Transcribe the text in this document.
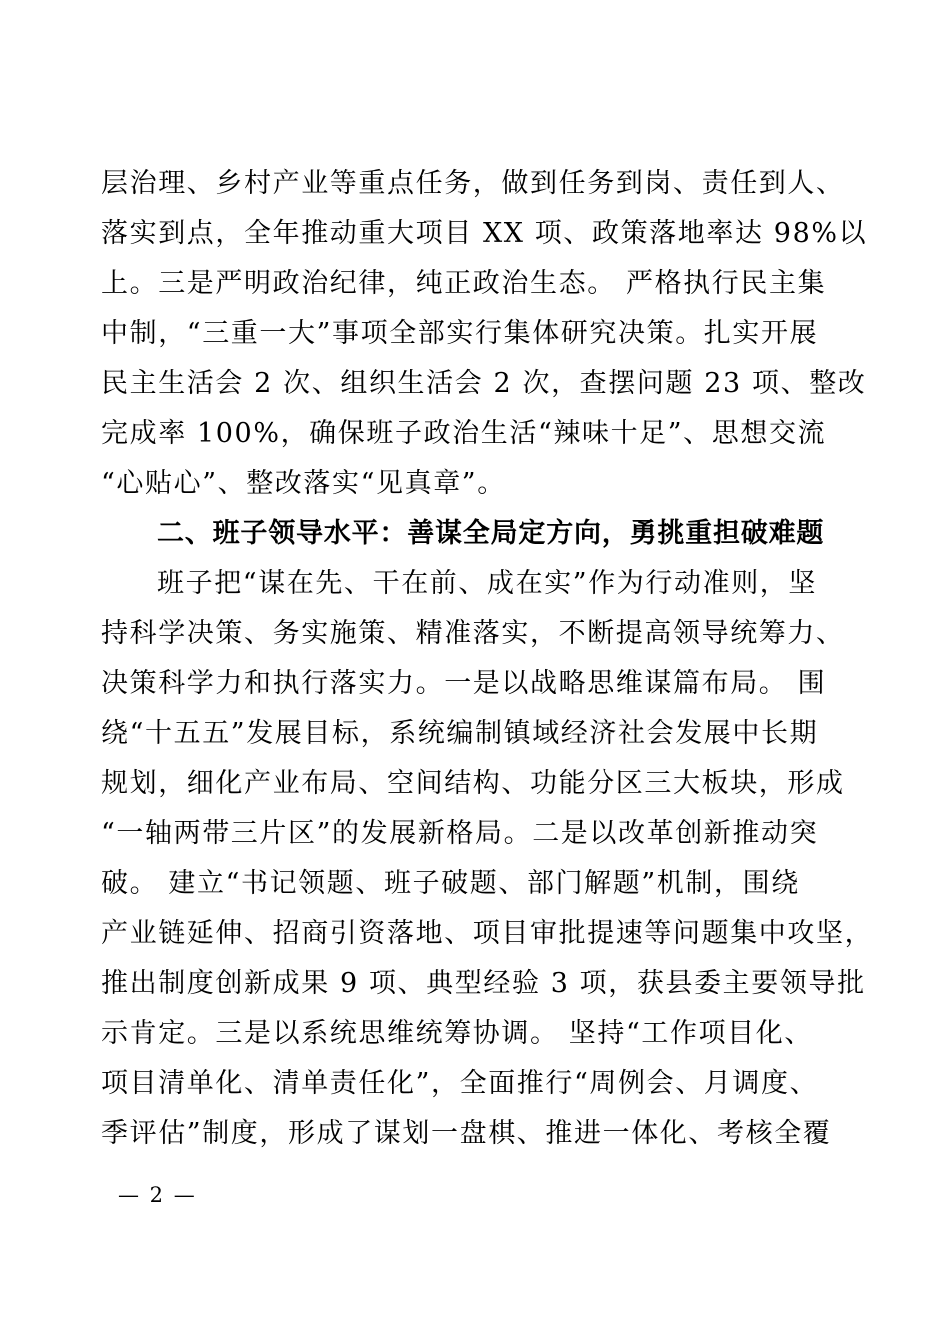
层治理、乡村产业等重点任务，做到任务到岗、责任到人、
落实到点，全年推动重大项目 XX 项、政策落地率达 98%以
上。三是严明政治纪律，纯正政治生态。 严格执行民主集
中制，“三重一大”事项全部实行集体研究决策。扎实开展
民主生活会 2 次、组织生活会 2 次，查摆问题 23 项、整改
完成率 100%，确保班子政治生活“辣味十足”、思想交流
“心贴心”、整改落实“见真章”。
二、班子领导水平：善谋全局定方向，勇挑重担破难题
班子把“谋在先、干在前、成在实”作为行动准则，坚
持科学决策、务实施策、精准落实，不断提高领导统筹力、
决策科学力和执行落实力。一是以战略思维谋篇布局。 围
绕“十五五”发展目标，系统编制镇域经济社会发展中长期
规划，细化产业布局、空间结构、功能分区三大板块，形成
“一轴两带三片区”的发展新格局。二是以改革创新推动突
破。 建立“书记领题、班子破题、部门解题”机制，围绕
产业链延伸、招商引资落地、项目审批提速等问题集中攻坚，
推出制度创新成果 9 项、典型经验 3 项，获县委主要领导批
示肯定。三是以系统思维统筹协调。 坚持“工作项目化、
项目清单化、清单责任化”，全面推行“周例会、月调度、
季评估”制度，形成了谋划一盘棋、推进一体化、考核全覆
— 2 —
